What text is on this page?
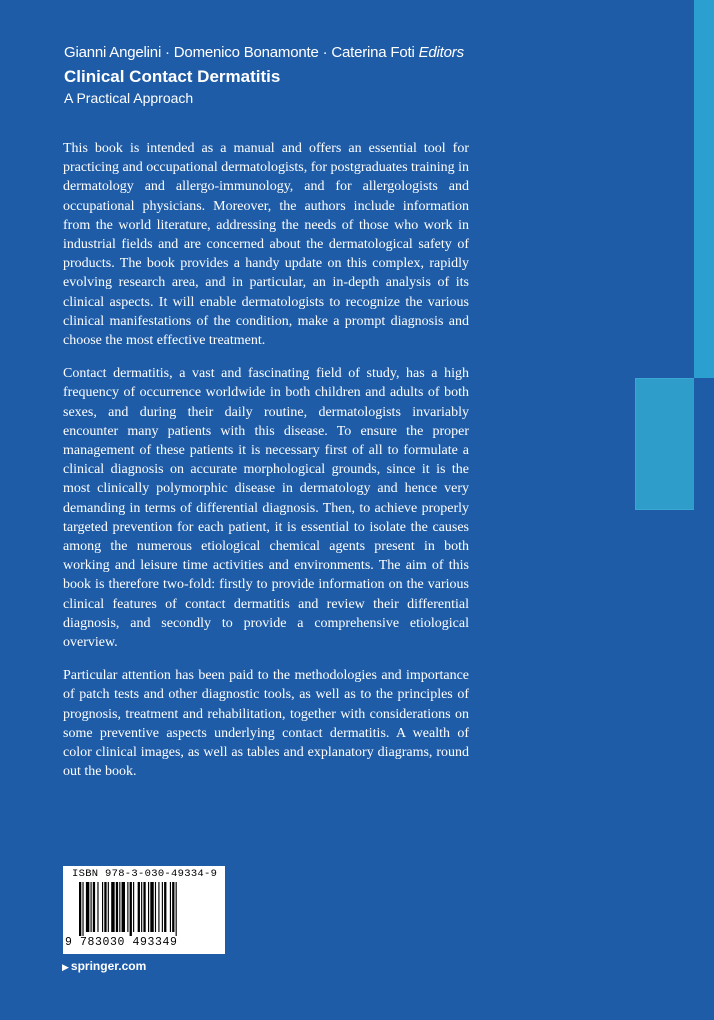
Gianni Angelini · Domenico Bonamonte · Caterina Foti Editors
Clinical Contact Dermatitis
A Practical Approach

This book is intended as a manual and offers an essential tool for practicing and occupational dermatologists, for postgraduates training in dermatology and allergo-immunology, and for allergologists and occupational physicians. Moreover, the authors include information from the world literature, addressing the needs of those who work in industrial fields and are concerned about the dermatological safety of products. The book provides a handy update on this complex, rapidly evolving research area, and in particular, an in-depth analysis of its clinical aspects. It will enable dermatologists to recognize the various clinical manifestations of the condition, make a prompt diagnosis and choose the most effective treatment.

Contact dermatitis, a vast and fascinating field of study, has a high frequency of occurrence worldwide in both children and adults of both sexes, and during their daily routine, dermatologists invariably encounter many patients with this disease. To ensure the proper management of these patients it is necessary first of all to formulate a clinical diagnosis on accurate morphological grounds, since it is the most clinically polymorphic disease in dermatology and hence very demanding in terms of differential diagnosis. Then, to achieve properly targeted prevention for each patient, it is essential to isolate the causes among the numerous etiological chemical agents present in both working and leisure time activities and environments. The aim of this book is therefore two-fold: firstly to provide information on the various clinical features of contact dermatitis and review their differential diagnosis, and secondly to provide a comprehensive etiological overview.

Particular attention has been paid to the methodologies and importance of patch tests and other diagnostic tools, as well as to the principles of prognosis, treatment and rehabilitation, together with considerations on some preventive aspects underlying contact dermatitis. A wealth of color clinical images, as well as tables and explanatory diagrams, round out the book.

ISBN 978-3-030-49334-9
9 783030 493349
▶ springer.com
